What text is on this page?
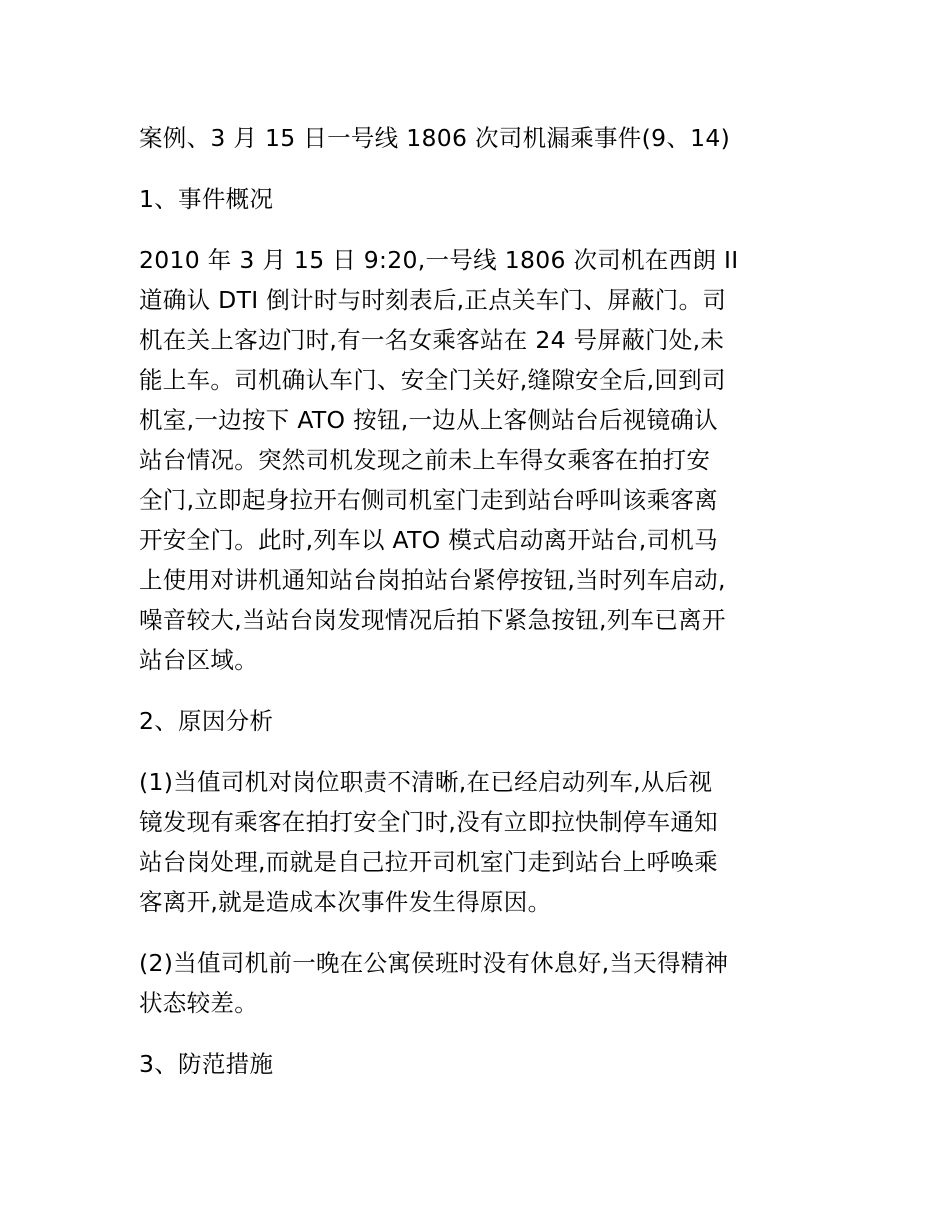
案例、3 月 15 日一号线 1806 次司机漏乘事件(9、14)

1、事件概况

2010 年 3 月 15 日 9:20,一号线 1806 次司机在西朗 II
道确认 DTI 倒计时与时刻表后,正点关车门、屏蔽门。司
机在关上客边门时,有一名女乘客站在 24 号屏蔽门处,未
能上车。司机确认车门、安全门关好,缝隙安全后,回到司
机室,一边按下 ATO 按钮,一边从上客侧站台后视镜确认
站台情况。突然司机发现之前未上车得女乘客在拍打安
全门,立即起身拉开右侧司机室门走到站台呼叫该乘客离
开安全门。此时,列车以 ATO 模式启动离开站台,司机马
上使用对讲机通知站台岗拍站台紧停按钮,当时列车启动,
噪音较大,当站台岗发现情况后拍下紧急按钮,列车已离开
站台区域。

2、原因分析

(1)当值司机对岗位职责不清晰,在已经启动列车,从后视
镜发现有乘客在拍打安全门时,没有立即拉快制停车通知
站台岗处理,而就是自己拉开司机室门走到站台上呼唤乘
客离开,就是造成本次事件发生得原因。

(2)当值司机前一晚在公寓侯班时没有休息好,当天得精神
状态较差。

3、防范措施
